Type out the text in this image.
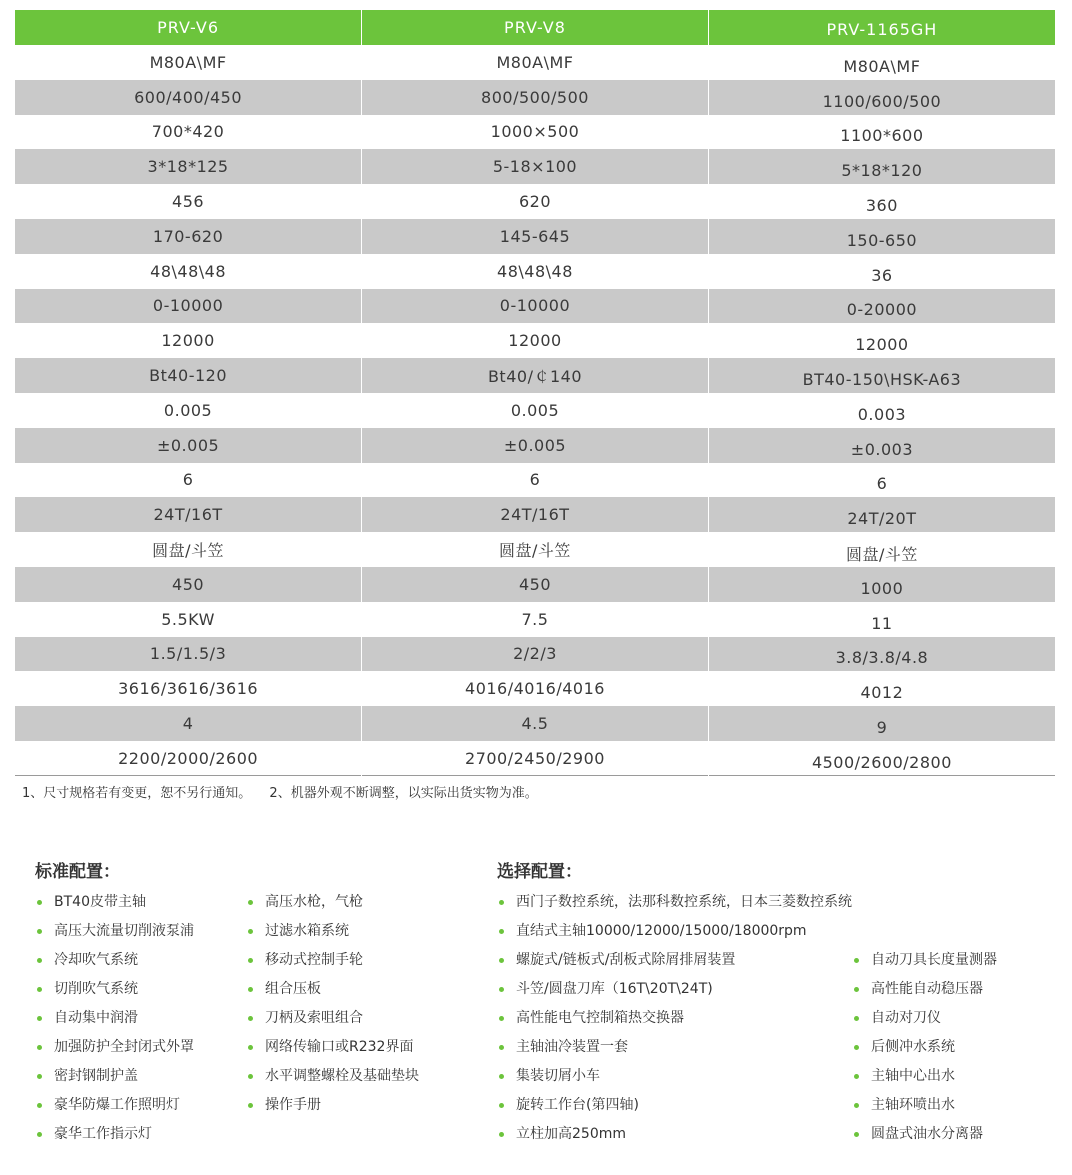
PRV-V6	PRV-V8	PRV-1165GH
M80A\MF	M80A\MF	M80A\MF
600/400/450	800/500/500	1100/600/500
700*420	1000×500	1100*600
3*18*125	5-18×100	5*18*120
456	620	360
170-620	145-645	150-650
48\48\48	48\48\48	36
0-10000	0-10000	0-20000
12000	12000	12000
Bt40-120	Bt40/￠140	BT40-150\HSK-A63
0.005	0.005	0.003
±0.005	±0.005	±0.003
6	6	6
24T/16T	24T/16T	24T/20T
圆盘/斗笠	圆盘/斗笠	圆盘/斗笠
450	450	1000
5.5KW	7.5	11
1.5/1.5/3	2/2/3	3.8/3.8/4.8
3616/3616/3616	4016/4016/4016	4012
4	4.5	9
2200/2000/2600	2700/2450/2900	4500/2600/2800
1、尺寸规格若有变更，恕不另行通知。 2、机器外观不断调整，以实际出货实物为准。
标准配置：
BT40皮带主轴
高压大流量切削液泵浦
冷却吹气系统
切削吹气系统
自动集中润滑
加强防护全封闭式外罩
密封钢制护盖
豪华防爆工作照明灯
豪华工作指示灯
高压水枪，气枪
过滤水箱系统
移动式控制手轮
组合压板
刀柄及索咀组合
网络传输口或R232界面
水平调整螺栓及基础垫块
操作手册
选择配置：
西门子数控系统，法那科数控系统，日本三菱数控系统
直结式主轴10000/12000/15000/18000rpm
螺旋式/链板式/刮板式除屑排屑装置
斗笠/圆盘刀库（16T\20T\24T)
高性能电气控制箱热交换器
主轴油冷装置一套
集装切屑小车
旋转工作台(第四轴)
立柱加高250mm
自动刀具长度量测器
高性能自动稳压器
自动对刀仪
后侧冲水系统
主轴中心出水
主轴环喷出水
圆盘式油水分离器
